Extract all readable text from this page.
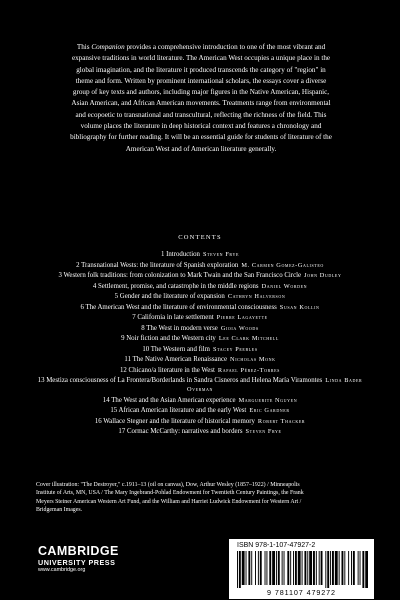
This Companion provides a comprehensive introduction to one of the most vibrant and expansive traditions in world literature. The American West occupies a unique place in the global imagination, and the literature it produced transcends the category of "region" in theme and form. Written by prominent international scholars, the essays cover a diverse group of key texts and authors, including major figures in the Native American, Hispanic, Asian American, and African American movements. Treatments range from environmental and ecopoetic to transnational and transcultural, reflecting the richness of the field. This volume places the literature in deep historical context and features a chronology and bibliography for further reading. It will be an essential guide for students of literature of the American West and of American literature generally.

CONTENTS
1 Introduction Steven Frye
2 Transnational Wests: the literature of Spanish exploration M. Carmen Gomez-Galisteo
3 Western folk traditions: from colonization to Mark Twain and the San Francisco Circle John Dudley
4 Settlement, promise, and catastrophe in the middle regions Daniel Worden
5 Gender and the literature of expansion Cathryn Halverson
6 The American West and the literature of environmental consciousness Susan Kollin
7 California in late settlement Pierre Lagayette
8 The West in modern verse Gioia Woods
9 Noir fiction and the Western city Lee Clark Mitchell
10 The Western and film Stacey Peebles
11 The Native American Renaissance Nicholas Monk
12 Chicano/a literature in the West Rafael Pérez-Torres
13 Mestiza consciousness of La Frontera/Borderlands in Sandra Cisneros and Helena María Viramontes Linda Bader Overman
14 The West and the Asian American experience Marguerite Nguyen
15 African American literature and the early West Eric Gardner
16 Wallace Stegner and the literature of historical memory Robert Thacker
17 Cormac McCarthy: narratives and borders Steven Frye

Cover illustration: "The Destroyer," c.1911–13 (oil on canvas), Dow, Arthur Wesley (1857–1922) / Minneapolis Institute of Arts, MN, USA / The Mary Ingebrand-Pohlad Endowment for Twentieth Century Paintings, the Frank Meyers Steiner American Western Art Fund, and the William and Harriet Ludwick Endowment for Western Art / Bridgeman Images.

CAMBRIDGE
UNIVERSITY PRESS
www.cambridge.org
ISBN 978-1-107-47927-2
9 781107 479272
